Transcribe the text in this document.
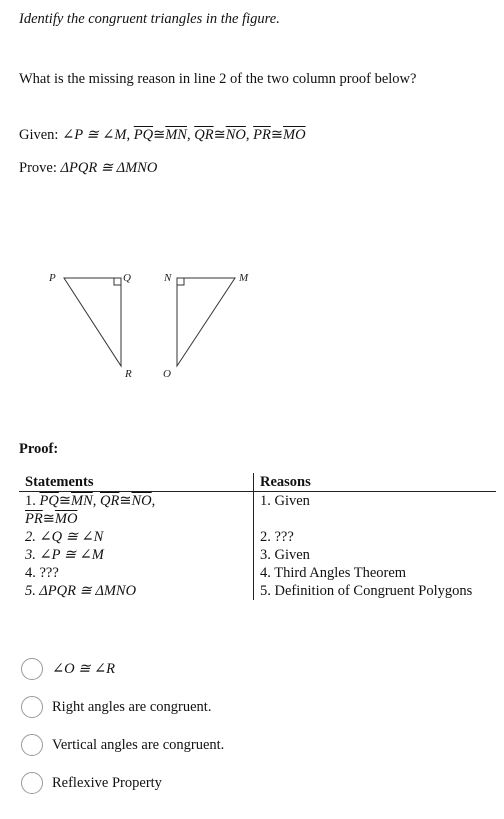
Identify the congruent triangles in the figure.
What is the missing reason in line 2 of the two column proof below?
Given: ∠P ≅ ∠M, $\overline{PQ}≅\overline{MN}$, $\overline{QR}≅\overline{NO}$, $\overline{PR}≅\overline{MO}$
Prove: ΔPQR ≅ ΔMNO
P	Q
R
N	M
O
Proof:
Statements	Reasons
1. $\overline{PQ}≅\overline{MN}$, $\overline{QR}≅\overline{NO}$,
$\overline{PR}≅\overline{MO}$	1. Given
2. ∠Q ≅ ∠N	2. ???
3. ∠P ≅ ∠M	3. Given
4. ???	4. Third Angles Theorem
5. ΔPQR ≅ ΔMNO	5. Definition of Congruent Polygons
∠O ≅ ∠R
Right angles are congruent.
Vertical angles are congruent.
Reflexive Property
